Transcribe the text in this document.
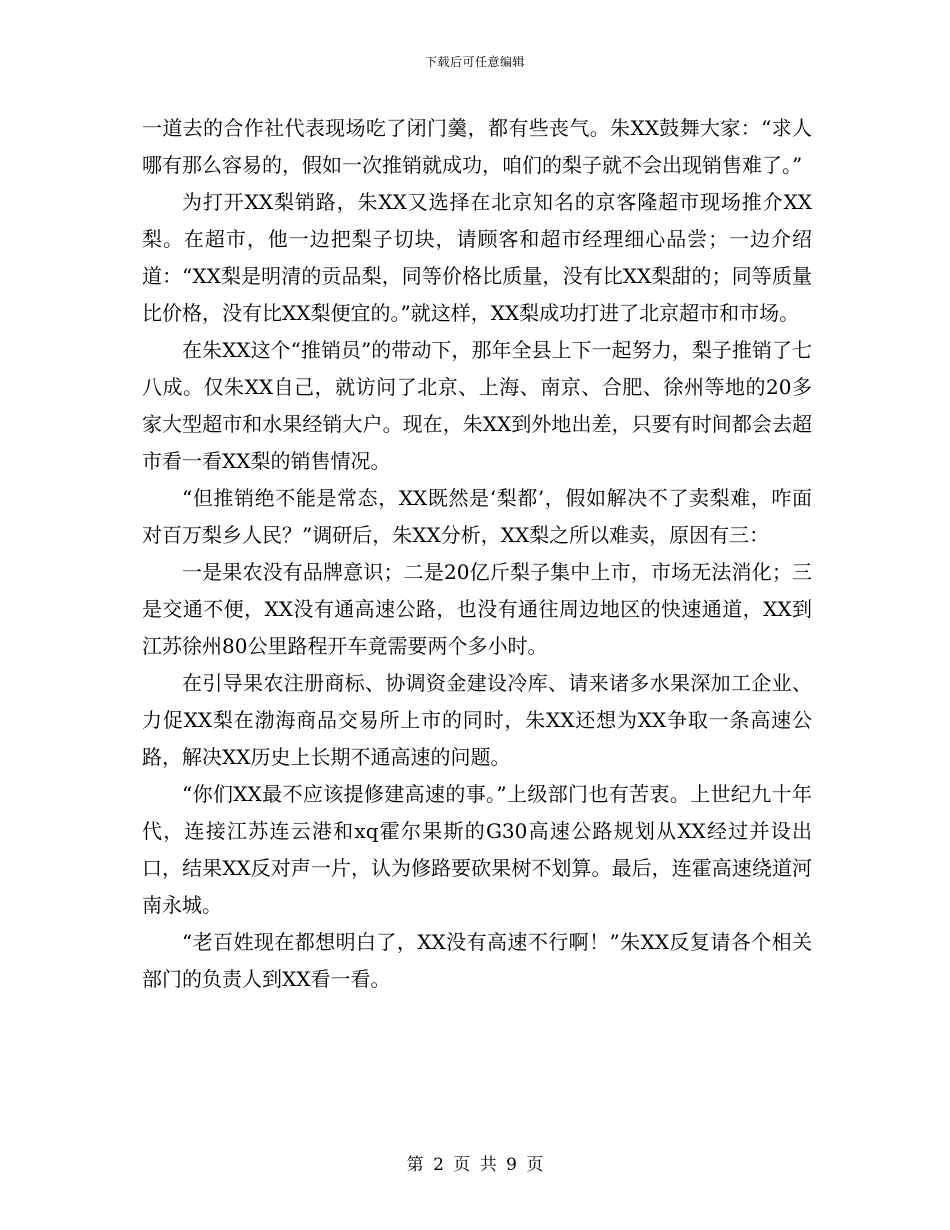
下载后可任意编辑

一道去的合作社代表现场吃了闭门羹，都有些丧气。朱XX鼓舞大家：“求人哪有那么容易的，假如一次推销就成功，咱们的梨子就不会出现销售难了。”

为打开XX梨销路，朱XX又选择在北京知名的京客隆超市现场推介XX梨。在超市，他一边把梨子切块，请顾客和超市经理细心品尝；一边介绍道：“XX梨是明清的贡品梨，同等价格比质量，没有比XX梨甜的；同等质量比价格，没有比XX梨便宜的。”就这样，XX梨成功打进了北京超市和市场。

在朱XX这个“推销员”的带动下，那年全县上下一起努力，梨子推销了七八成。仅朱XX自己，就访问了北京、上海、南京、合肥、徐州等地的20多家大型超市和水果经销大户。现在，朱XX到外地出差，只要有时间都会去超市看一看XX梨的销售情况。

“但推销绝不能是常态，XX既然是‘梨都’，假如解决不了卖梨难，咋面对百万梨乡人民？”调研后，朱XX分析，XX梨之所以难卖，原因有三：

一是果农没有品牌意识；二是20亿斤梨子集中上市，市场无法消化；三是交通不便，XX没有通高速公路，也没有通往周边地区的快速通道，XX到江苏徐州80公里路程开车竟需要两个多小时。

在引导果农注册商标、协调资金建设冷库、请来诸多水果深加工企业、力促XX梨在渤海商品交易所上市的同时，朱XX还想为XX争取一条高速公路，解决XX历史上长期不通高速的问题。

“你们XX最不应该提修建高速的事。”上级部门也有苦衷。上世纪九十年代，连接江苏连云港和xq霍尔果斯的G30高速公路规划从XX经过并设出口，结果XX反对声一片，认为修路要砍果树不划算。最后，连霍高速绕道河南永城。

“老百姓现在都想明白了，XX没有高速不行啊！”朱XX反复请各个相关部门的负责人到XX看一看。

第 2 页 共 9 页
